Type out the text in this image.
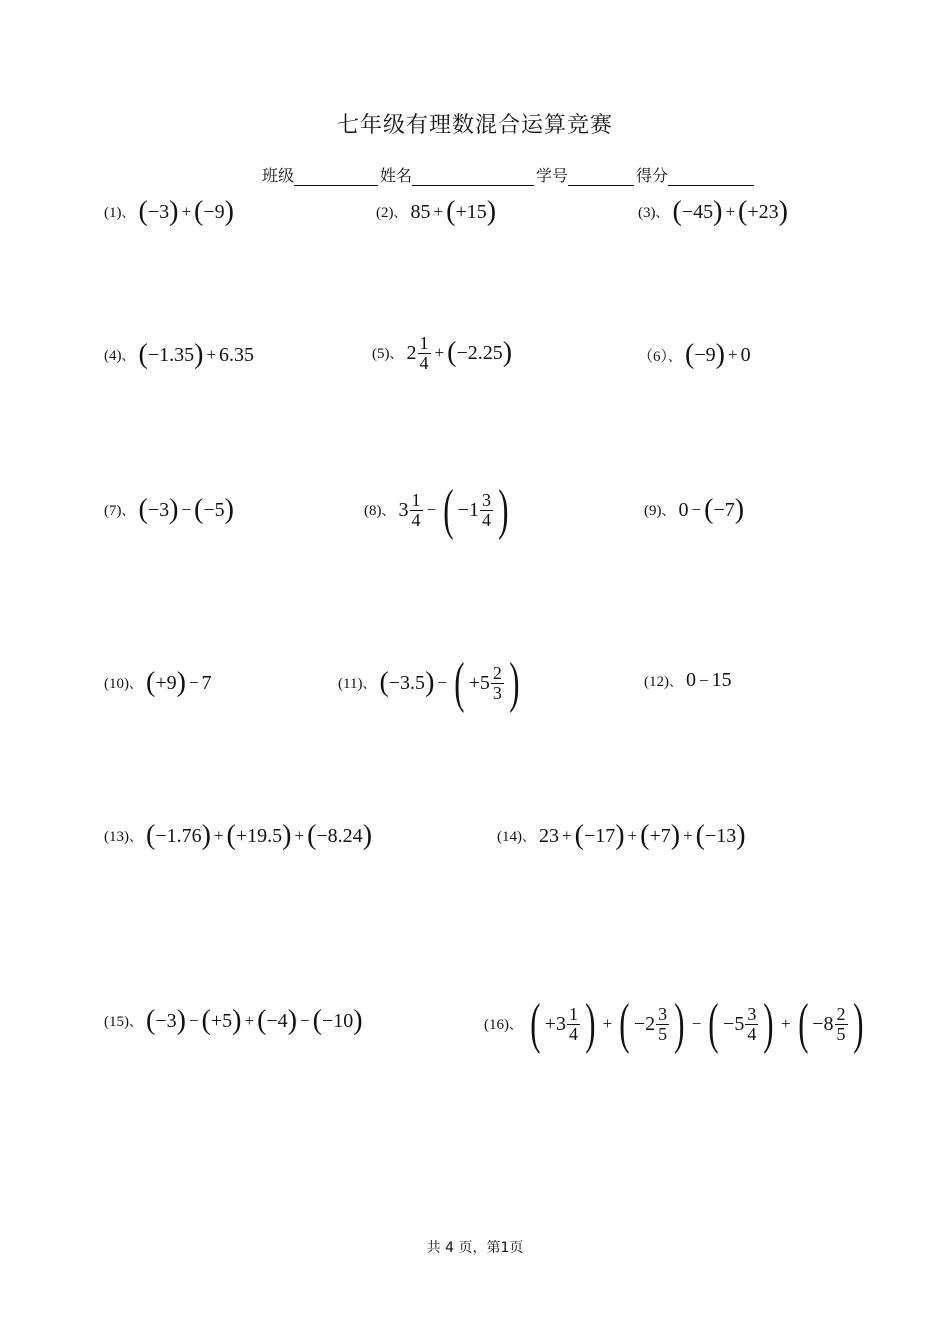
七年级有理数混合运算竞赛
班级	姓名	学号	得分
(1)、 ( −3 ) + ( −9 )	(2)、 85 + ( +15 )	(3)、 ( −45 ) + ( +23 )
(4)、 ( −1.35 ) + 6.35	(5)、 $2 \frac{1}{4}$ + ( −2.25 )	（6）、 ( −9 ) + 0
(7)、 ( −3 ) − ( −5 )	(8)、 $3 \frac{1}{4}$ − ( $-1 \frac{3}{4}$ )	(9)、 0 − ( −7 )
(10)、 ( +9 ) − 7	(11)、 ( −3.5 ) − ( $+5 \frac{2}{3}$ )	(12)、 0 − 15
(13)、 ( −1.76 ) + ( +19.5 ) + ( −8.24 )	(14)、 23 + ( −17 ) + ( +7 ) + ( −13 )
(15)、 ( −3 ) − ( +5 ) + ( −4 ) − ( −10 )	(16)、 ( $+3 \frac{1}{4}$ ) + ( $-2 \frac{3}{5}$ ) − ( $-5 \frac{3}{4}$ ) + ( $-8 \frac{2}{5}$ )
共 4 页，第1页
